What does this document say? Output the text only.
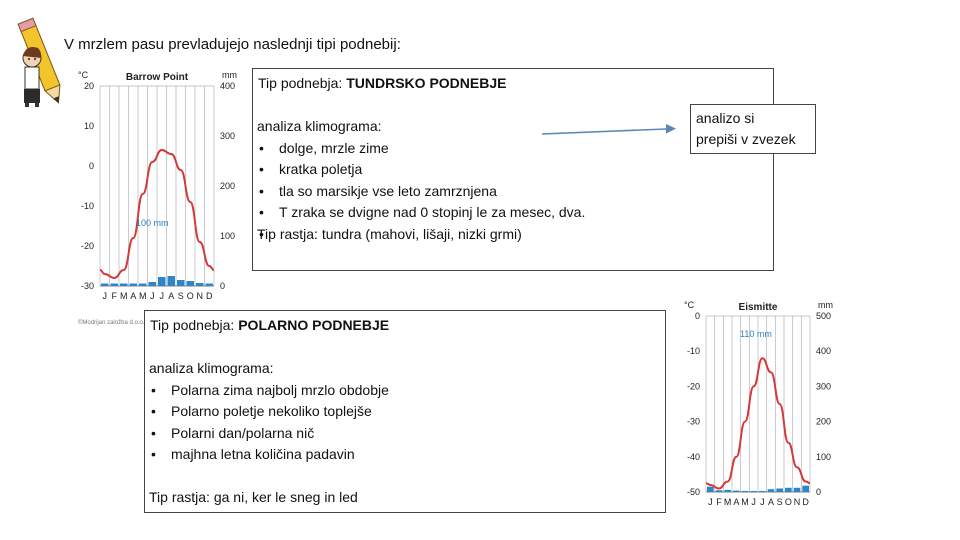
V mrzlem pasu prevladujejo naslednji tipi podnebij:
Barrow Point
°C	mm
20
10
0
-10
-20
-30
400
300
200
100
0
J F M A M J J A S O N D
100 mm
©Modrijan založba d.o.o.
Tip podnebja: TUNDRSKO PODNEBJE
analiza klimograma:
• dolge, mrzle zime
• kratka poletja
• tla so marsikje vse leto zamrznjena
• T zraka se dvigne nad 0 stopinj le za mesec, dva.
Tip rastja: tundra (mahovi, lišaji, nizki grmi)
analizo si
prepiši v zvezek
Tip podnebja: POLARNO PODNEBJE
analiza klimograma:
• Polarna zima najbolj mrzlo obdobje
• Polarno poletje nekoliko toplejše
• Polarni dan/polarna nič
• majhna letna količina padavin
Tip rastja: ga ni, ker le sneg in led
Eismitte
°C	mm
0
-10
-20
-30
-40
-50
500
400
300
200
100
0
J F M A M J J A S O N D
110 mm
